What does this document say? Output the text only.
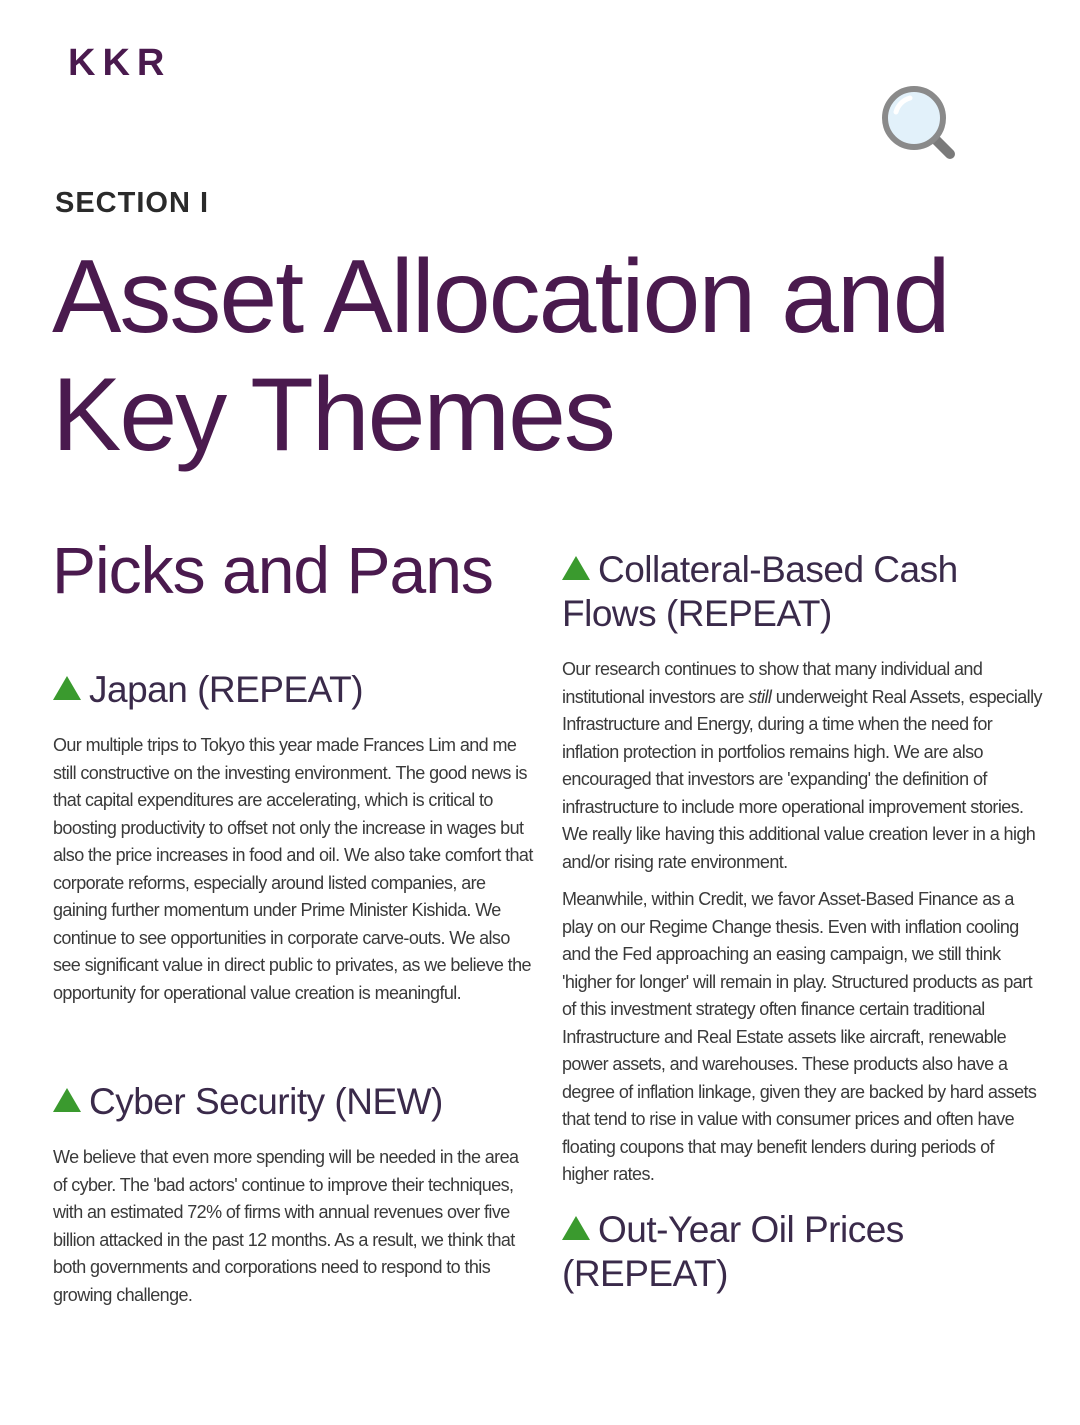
KKR
SECTION I
Asset Allocation and
Key Themes
Picks and Pans
Japan (REPEAT)

Our multiple trips to Tokyo this year made Frances Lim and me still constructive on the investing environment. The good news is that capital expenditures are accelerating, which is critical to boosting productivity to offset not only the increase in wages but also the price increases in food and oil. We also take comfort that corporate reforms, especially around listed companies, are gaining further momentum under Prime Minister Kishida. We continue to see opportunities in corporate carve-outs. We also see significant value in direct public to privates, as we believe the opportunity for operational value creation is meaningful.

Cyber Security (NEW)

We believe that even more spending will be needed in the area of cyber. The 'bad actors' continue to improve their techniques, with an estimated 72% of firms with annual revenues over five billion attacked in the past 12 months. As a result, we think that both governments and corporations need to respond to this growing challenge.

Collateral-Based Cash
Flows (REPEAT)

Our research continues to show that many individual and institutional investors are still underweight Real Assets, especially Infrastructure and Energy, during a time when the need for inflation protection in portfolios remains high. We are also encouraged that investors are 'expanding' the definition of infrastructure to include more operational improvement stories. We really like having this additional value creation lever in a high and/or rising rate environment.

Meanwhile, within Credit, we favor Asset-Based Finance as a play on our Regime Change thesis. Even with inflation cooling and the Fed approaching an easing campaign, we still think 'higher for longer' will remain in play. Structured products as part of this investment strategy often finance certain traditional Infrastructure and Real Estate assets like aircraft, renewable power assets, and warehouses. These products also have a degree of inflation linkage, given they are backed by hard assets that tend to rise in value with consumer prices and often have floating coupons that may benefit lenders during periods of higher rates.

Out-Year Oil Prices
(REPEAT)
